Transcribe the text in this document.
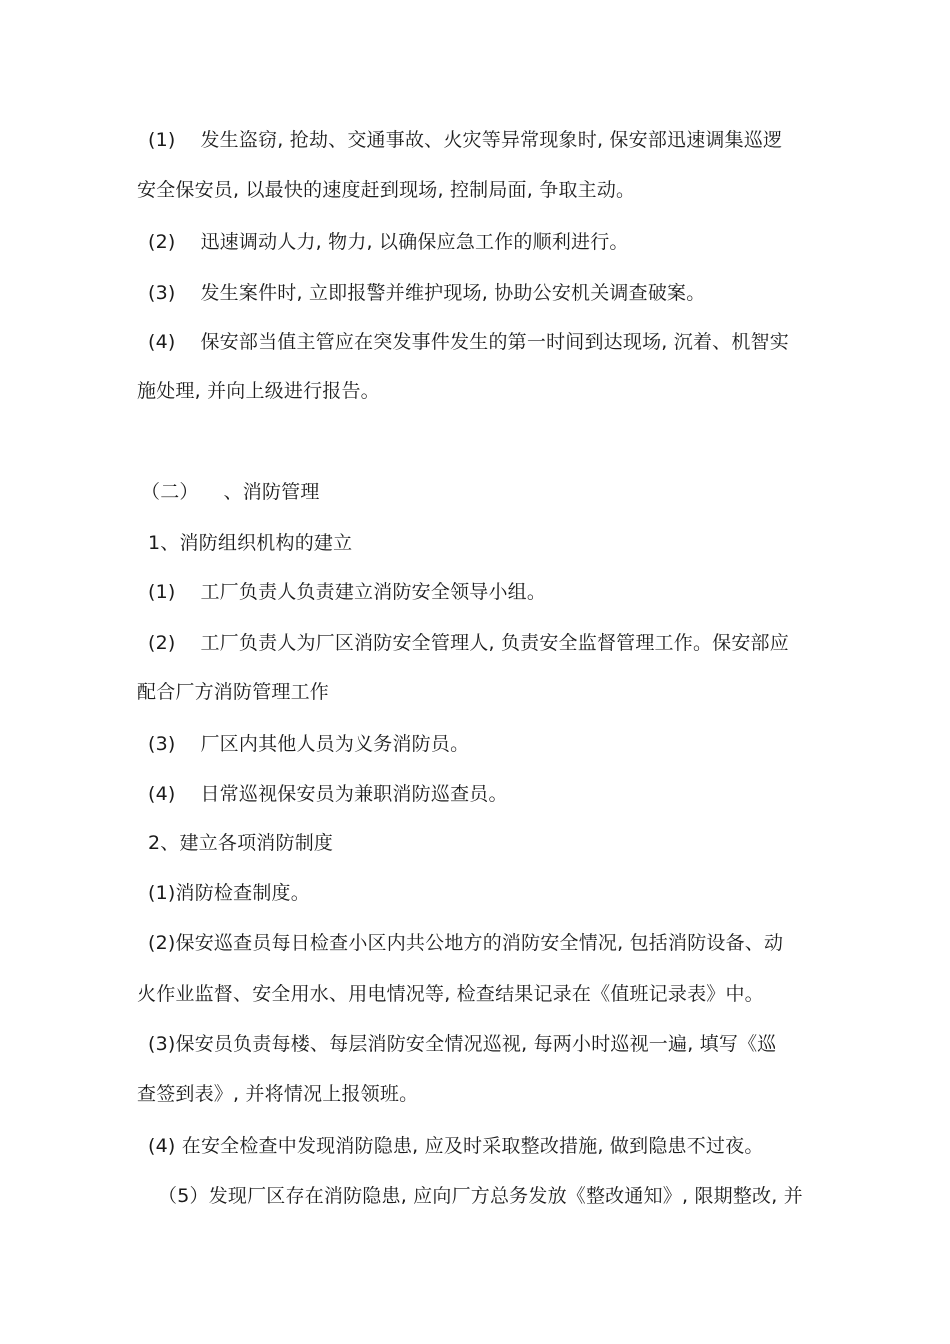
(1)    发生盗窃, 抢劫、交通事故、火灾等异常现象时, 保安部迅速调集巡逻
安全保安员, 以最快的速度赶到现场, 控制局面, 争取主动。
(2)    迅速调动人力, 物力, 以确保应急工作的顺利进行。
(3)    发生案件时, 立即报警并维护现场, 协助公安机关调查破案。
(4)    保安部当值主管应在突发事件发生的第一时间到达现场, 沉着、机智实
施处理, 并向上级进行报告。
（二）    、消防管理
1、消防组织机构的建立
(1)    工厂负责人负责建立消防安全领导小组。
(2)    工厂负责人为厂区消防安全管理人, 负责安全监督管理工作。保安部应
配合厂方消防管理工作
(3)    厂区内其他人员为义务消防员。
(4)    日常巡视保安员为兼职消防巡查员。
2、建立各项消防制度
(1)消防检查制度。
(2)保安巡查员每日检查小区内共公地方的消防安全情况, 包括消防设备、动
火作业监督、安全用水、用电情况等, 检查结果记录在《值班记录表》中。
(3)保安员负责每楼、每层消防安全情况巡视, 每两小时巡视一遍, 填写《巡
查签到表》, 并将情况上报领班。
(4) 在安全检查中发现消防隐患, 应及时采取整改措施, 做到隐患不过夜。
（5）发现厂区存在消防隐患, 应向厂方总务发放《整改通知》, 限期整改, 并
